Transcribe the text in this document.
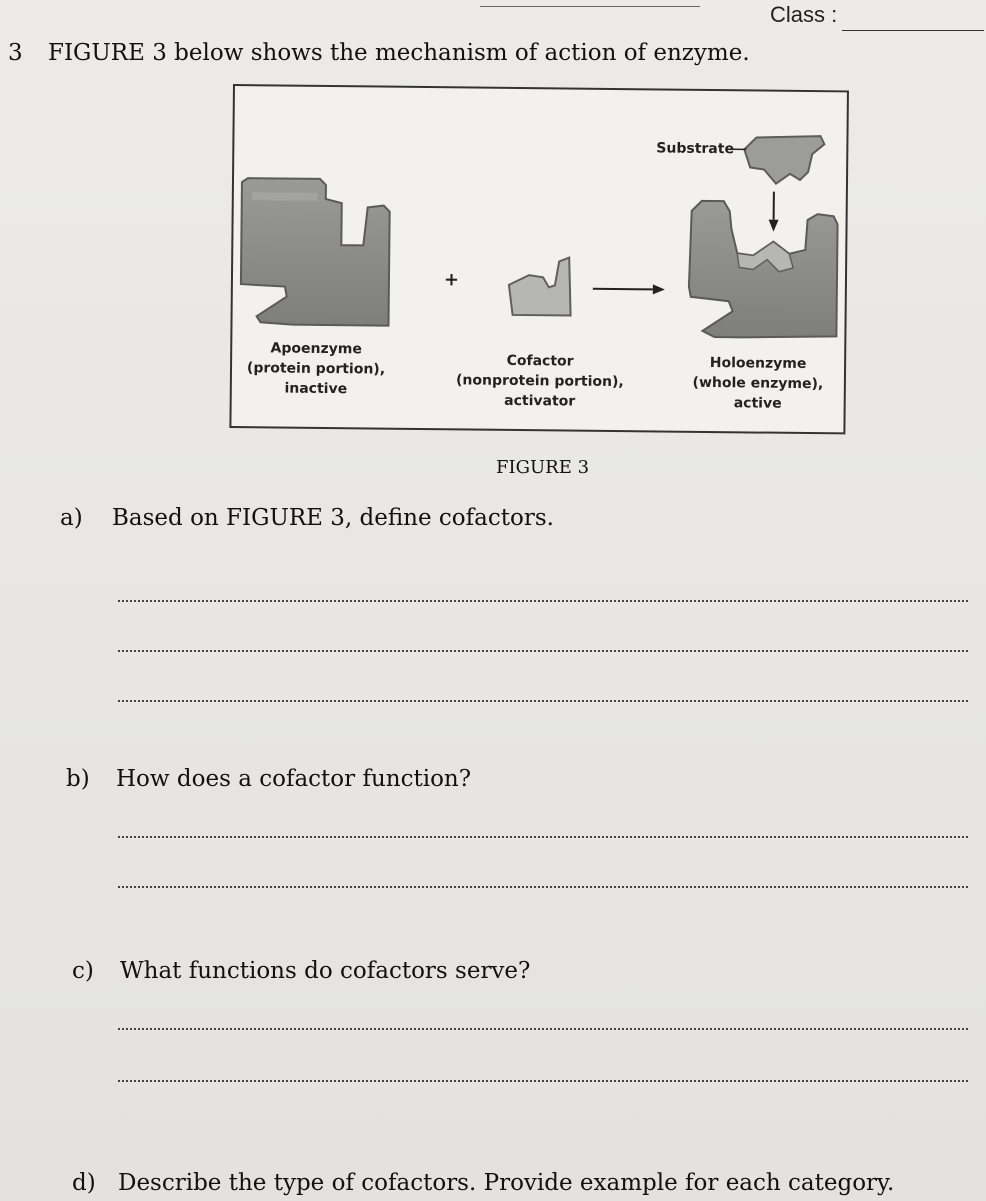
Class :
3 FIGURE 3 below shows the mechanism of action of enzyme.
+
Substrate
Apoenzyme
(protein portion),
inactive
Cofactor
(nonprotein portion),
activator
Holoenzyme
(whole enzyme),
active
FIGURE 3
a) Based on FIGURE 3, define cofactors.
b) How does a cofactor function?
c) What functions do cofactors serve?
d) Describe the type of cofactors. Provide example for each category.
